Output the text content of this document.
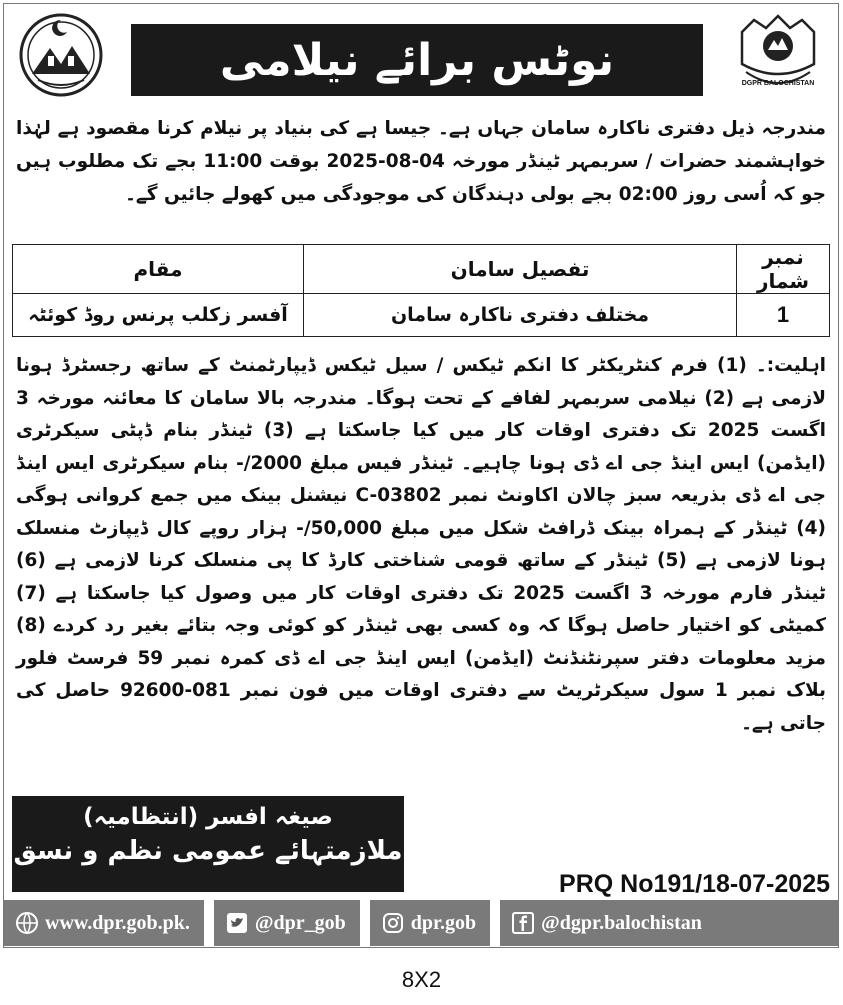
نوٹس برائے نیلامی	DGPR BALOCHISTAN
مندرجہ ذیل دفتری ناکارہ سامان جہاں ہے۔ جیسا ہے کی بنیاد پر نیلام کرنا مقصود ہے لہٰذا خواہشمند حضرات / سربمہر ٹینڈر مورخہ 04-08-2025 بوقت 11:00 بجے تک مطلوب ہیں جو کہ اُسی روز 02:00 بجے بولی دہندگان کی موجودگی میں کھولے جائیں گے۔
نمبر شمار	تفصیل سامان	مقام
1	مختلف دفتری ناکارہ سامان	آفسر زکلب پرنس روڈ کوئٹہ
اہلیت:۔ (1) فرم کنٹریکٹر کا انکم ٹیکس / سیل ٹیکس ڈیپارٹمنٹ کے ساتھ رجسٹرڈ ہونا لازمی ہے (2) نیلامی سربمہر لفافے کے تحت ہوگا۔ مندرجہ بالا سامان کا معائنہ مورخہ 3 اگست 2025 تک دفتری اوقات کار میں کیا جاسکتا ہے (3) ٹینڈر بنام ڈپٹی سیکرٹری (ایڈمن) ایس اینڈ جی اے ڈی ہونا چاہیے۔ ٹینڈر فیس مبلغ 2000/- بنام سیکرٹری ایس اینڈ جی اے ڈی بذریعہ سبز چالان اکاونٹ نمبر C-03802 نیشنل بینک میں جمع کروانی ہوگی (4) ٹینڈر کے ہمراہ بینک ڈرافٹ شکل میں مبلغ 50,000/- ہزار روپے کال ڈیپازٹ منسلک ہونا لازمی ہے (5) ٹینڈر کے ساتھ قومی شناختی کارڈ کا پی منسلک کرنا لازمی ہے (6) ٹینڈر فارم مورخہ 3 اگست 2025 تک دفتری اوقات کار میں وصول کیا جاسکتا ہے (7) کمیٹی کو اختیار حاصل ہوگا کہ وہ کسی بھی ٹینڈر کو کوئی وجہ بتائے بغیر رد کردے (8) مزید معلومات دفتر سپرنٹنڈنٹ (ایڈمن) ایس اینڈ جی اے ڈی کمرہ نمبر 59 فرسٹ فلور بلاک نمبر 1 سول سیکرٹریٹ سے دفتری اوقات میں فون نمبر 081-92600 حاصل کی جاتی ہے۔
صیغہ افسر (انتظامیہ)
ملازمتہائے عمومی نظم و نسق
PRQ No191/18-07-2025
www.dpr.gob.pk.	@dpr_gob	dpr.gob	@dgpr.balochistan
8X2
